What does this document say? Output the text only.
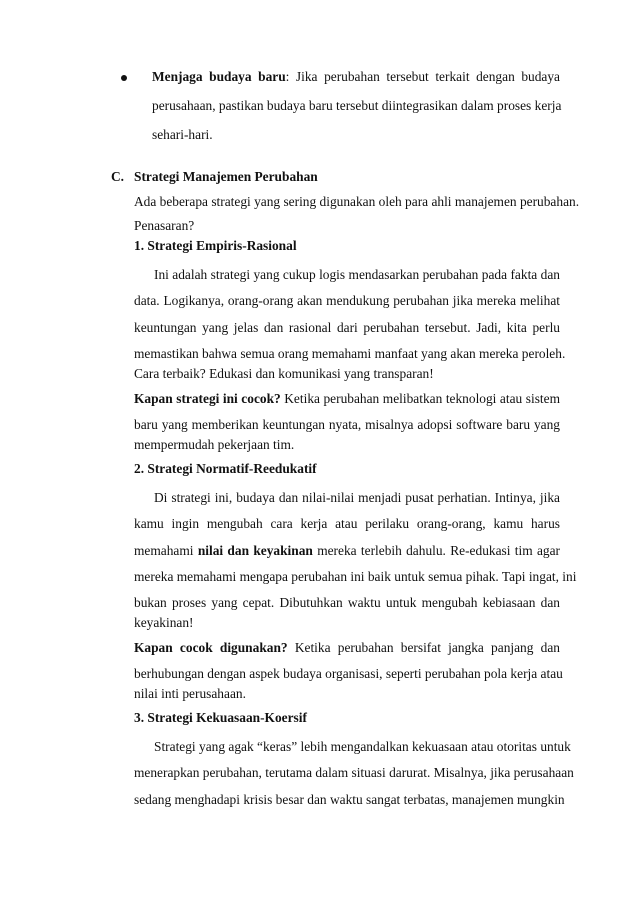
Menjaga budaya baru: Jika perubahan tersebut terkait dengan budaya
perusahaan, pastikan budaya baru tersebut diintegrasikan dalam proses kerja
sehari-hari.
C. Strategi Manajemen Perubahan
Ada beberapa strategi yang sering digunakan oleh para ahli manajemen perubahan.
Penasaran?
1. Strategi Empiris-Rasional
Ini adalah strategi yang cukup logis mendasarkan perubahan pada fakta dan
data. Logikanya, orang-orang akan mendukung perubahan jika mereka melihat
keuntungan yang jelas dan rasional dari perubahan tersebut. Jadi, kita perlu
memastikan bahwa semua orang memahami manfaat yang akan mereka peroleh.
Cara terbaik? Edukasi dan komunikasi yang transparan!
Kapan strategi ini cocok? Ketika perubahan melibatkan teknologi atau sistem
baru yang memberikan keuntungan nyata, misalnya adopsi software baru yang
mempermudah pekerjaan tim.
2. Strategi Normatif-Reedukatif
Di strategi ini, budaya dan nilai-nilai menjadi pusat perhatian. Intinya, jika
kamu ingin mengubah cara kerja atau perilaku orang-orang, kamu harus
memahami nilai dan keyakinan mereka terlebih dahulu. Re-edukasi tim agar
mereka memahami mengapa perubahan ini baik untuk semua pihak. Tapi ingat, ini
bukan proses yang cepat. Dibutuhkan waktu untuk mengubah kebiasaan dan
keyakinan!
Kapan cocok digunakan? Ketika perubahan bersifat jangka panjang dan
berhubungan dengan aspek budaya organisasi, seperti perubahan pola kerja atau
nilai inti perusahaan.
3. Strategi Kekuasaan-Koersif
Strategi yang agak “keras” lebih mengandalkan kekuasaan atau otoritas untuk
menerapkan perubahan, terutama dalam situasi darurat. Misalnya, jika perusahaan
sedang menghadapi krisis besar dan waktu sangat terbatas, manajemen mungkin
